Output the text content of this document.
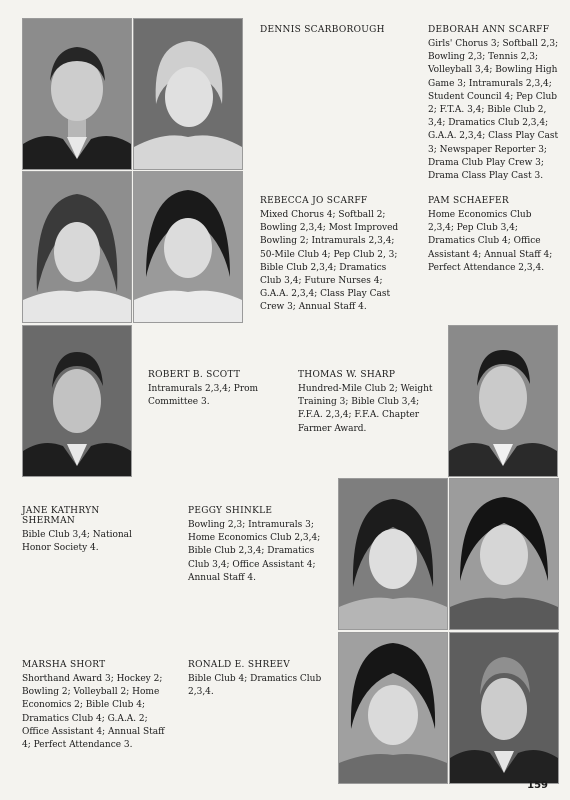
DENNIS SCARBOROUGH	DEBORAH ANN SCARFF

Girls' Chorus 3; Softball 2,3; Bowling 2,3; Tennis 2,3; Volleyball 3,4; Bowling High Game 3; Intramurals 2,3,4; Student Council 4; Pep Club 2; F.T.A. 3,4; Bible Club 2, 3,4; Dramatics Club 2,3,4; G.A.A. 2,3,4; Class Play Cast 3; Newspaper Reporter 3; Drama Club Play Crew 3; Drama Class Play Cast 3.

REBECCA JO SCARFF

Mixed Chorus 4; Softball 2; Bowling 2,3,4; Most Improved Bowling 2; Intramurals 2,3,4; 50-Mile Club 4; Pep Club 2, 3; Bible Club 2,3,4; Dramatics Club 3,4; Future Nurses 4; G.A.A. 2,3,4; Class Play Cast Crew 3; Annual Staff 4.

PAM SCHAEFER

Home Economics Club 2,3,4; Pep Club 3,4; Dramatics Club 4; Office Assistant 4; Annual Staff 4; Perfect Attendance 2,3,4.

ROBERT B. SCOTT

Intramurals 2,3,4; Prom Committee 3.

THOMAS W. SHARP

Hundred-Mile Club 2; Weight Training 3; Bible Club 3,4; F.F.A. 2,3,4; F.F.A. Chapter Farmer Award.

JANE KATHRYN SHERMAN

Bible Club 3,4; National Honor Society 4.

PEGGY SHINKLE

Bowling 2,3; Intramurals 3; Home Economics Club 2,3,4; Bible Club 2,3,4; Dramatics Club 3,4; Office Assistant 4; Annual Staff 4.

MARSHA SHORT

Shorthand Award 3; Hockey 2; Bowling 2; Volleyball 2; Home Economics 2; Bible Club 4; Dramatics Club 4; G.A.A. 2; Office Assistant 4; Annual Staff 4; Perfect Attendance 3.

RONALD E. SHREEV

Bible Club 4; Dramatics Club 2,3,4.

159
